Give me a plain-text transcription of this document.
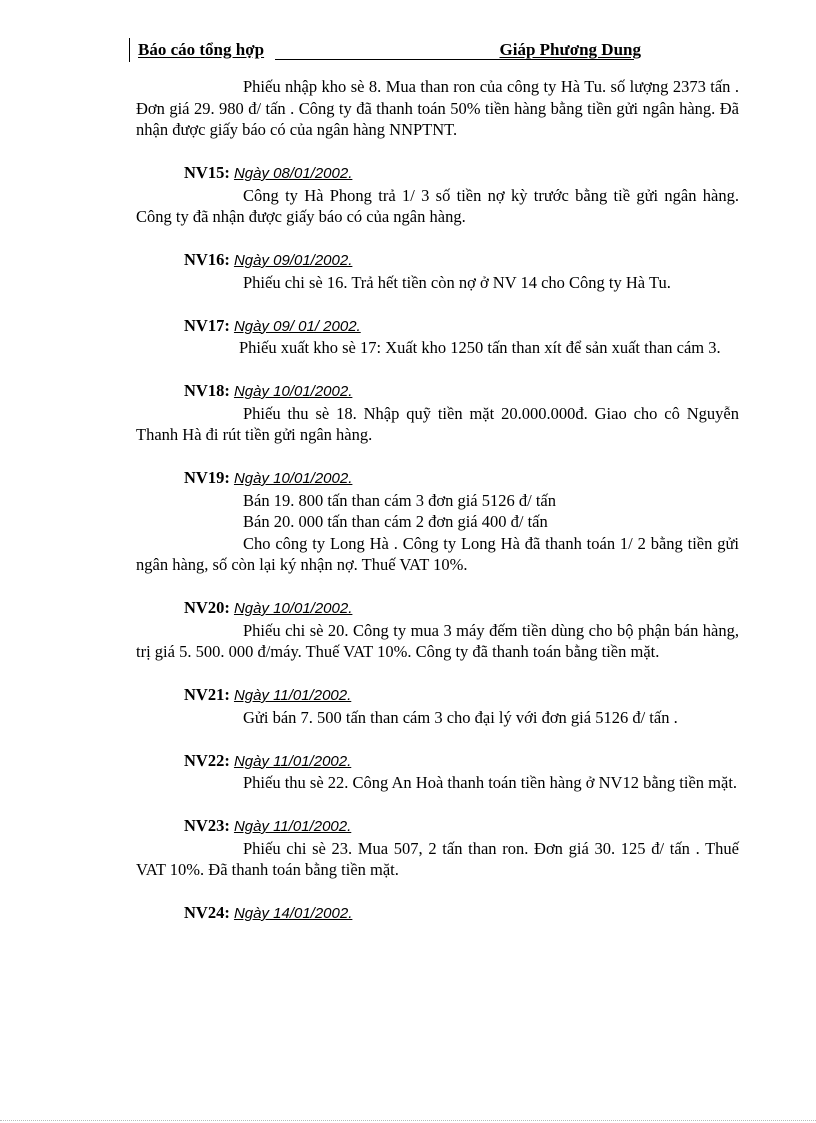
Báo cáo tổng hợp	Giáp Phương Dung

Phiếu nhập kho sè 8. Mua than ron của công ty Hà Tu. số lượng 2373 tấn . Đơn giá 29. 980 đ/ tấn . Công ty đã thanh toán 50% tiền hàng bằng tiền gửi ngân hàng. Đã nhận được giấy báo có của ngân hàng NNPTNT.

NV15: Ngày 08/01/2002.

Công ty Hà Phong trả 1/ 3 số tiền nợ kỳ trước bằng tiề gửi ngân hàng. Công ty đã nhận được giấy báo có của ngân hàng.

NV16: Ngày 09/01/2002.

Phiếu chi sè 16. Trả hết tiền còn nợ ở NV 14 cho Công ty Hà Tu.

NV17: Ngày 09/ 01/ 2002.

Phiếu xuất kho sè 17: Xuất kho 1250 tấn than xít để sản xuất than cám 3.

NV18: Ngày 10/01/2002.

Phiếu thu sè 18. Nhập quỹ tiền mặt 20.000.000đ. Giao cho cô Nguyễn Thanh Hà đi rút tiền gửi ngân hàng.

NV19: Ngày 10/01/2002.

Bán 19. 800 tấn than cám 3 đơn giá 5126 đ/ tấn

Bán 20. 000 tấn than cám 2 đơn giá 400 đ/ tấn

Cho công ty Long Hà . Công ty Long Hà đã thanh toán 1/ 2 bằng tiền gửi ngân hàng, số còn lại ký nhận nợ. Thuế VAT 10%.

NV20: Ngày 10/01/2002.

Phiếu chi sè 20. Công ty mua 3 máy đếm tiền dùng cho bộ phận bán hàng, trị giá 5. 500. 000 đ/máy. Thuế VAT 10%. Công ty đã thanh toán bằng tiền mặt.

NV21: Ngày 11/01/2002.

Gửi bán 7. 500 tấn than cám 3 cho đại lý với đơn giá 5126 đ/ tấn .

NV22: Ngày 11/01/2002.

Phiếu thu sè 22. Công An Hoà thanh toán tiền hàng ở NV12 bằng tiền mặt.

NV23: Ngày 11/01/2002.

Phiếu chi sè 23. Mua 507, 2 tấn than ron. Đơn giá 30. 125 đ/ tấn . Thuế VAT 10%. Đã thanh toán bằng tiền mặt.

NV24: Ngày 14/01/2002.
